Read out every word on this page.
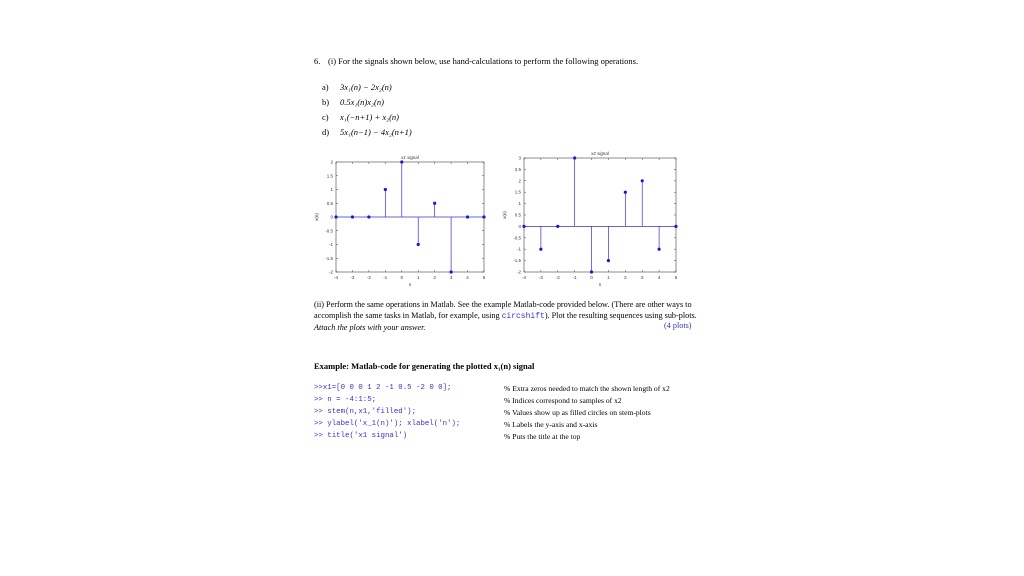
6. (i) For the signals shown below, use hand-calculations to perform the following operations.
a) 3x₁(n) − 2x₂(n)
b) 0.5x₁(n)x₂(n)
c) x₁(−n+1) + x₂(n)
d) 5x₁(n−1) − 4x₂(n+1)
x1 signal
-2
-1.5
-1
-0.5
0
0.5
1
1.5
2
-4	-3	-2	-1	0	1	2	3	4	5
n
x(n)
x2 signal
-2
-1.5
-1
-0.5
0
0.5
1
1.5
2
2.5
3
-4	-3	-2	-1	0	1	2	3	4	5
n
x(n)
(ii) Perform the same operations in Matlab. See the example Matlab-code provided below. (There are other ways to accomplish the same tasks in Matlab, for example, using circshift). Plot the resulting sequences using sub-plots. Attach the plots with your answer.	(4 plots)
Example: Matlab-code for generating the plotted x₁(n) signal
>>x1=[0 0 0 1 2 -1 0.5 -2 0 0];
>> n = -4:1:5;
>> stem(n,x1,'filled');
>> ylabel('x_1(n)'); xlabel('n');
>> title('x1 signal')
% Extra zeros needed to match the shown length of x2
% Indices correspond to samples of x2
% Values show up as filled circles on stem-plots
% Labels the y-axis and x-axis
% Puts the title at the top
